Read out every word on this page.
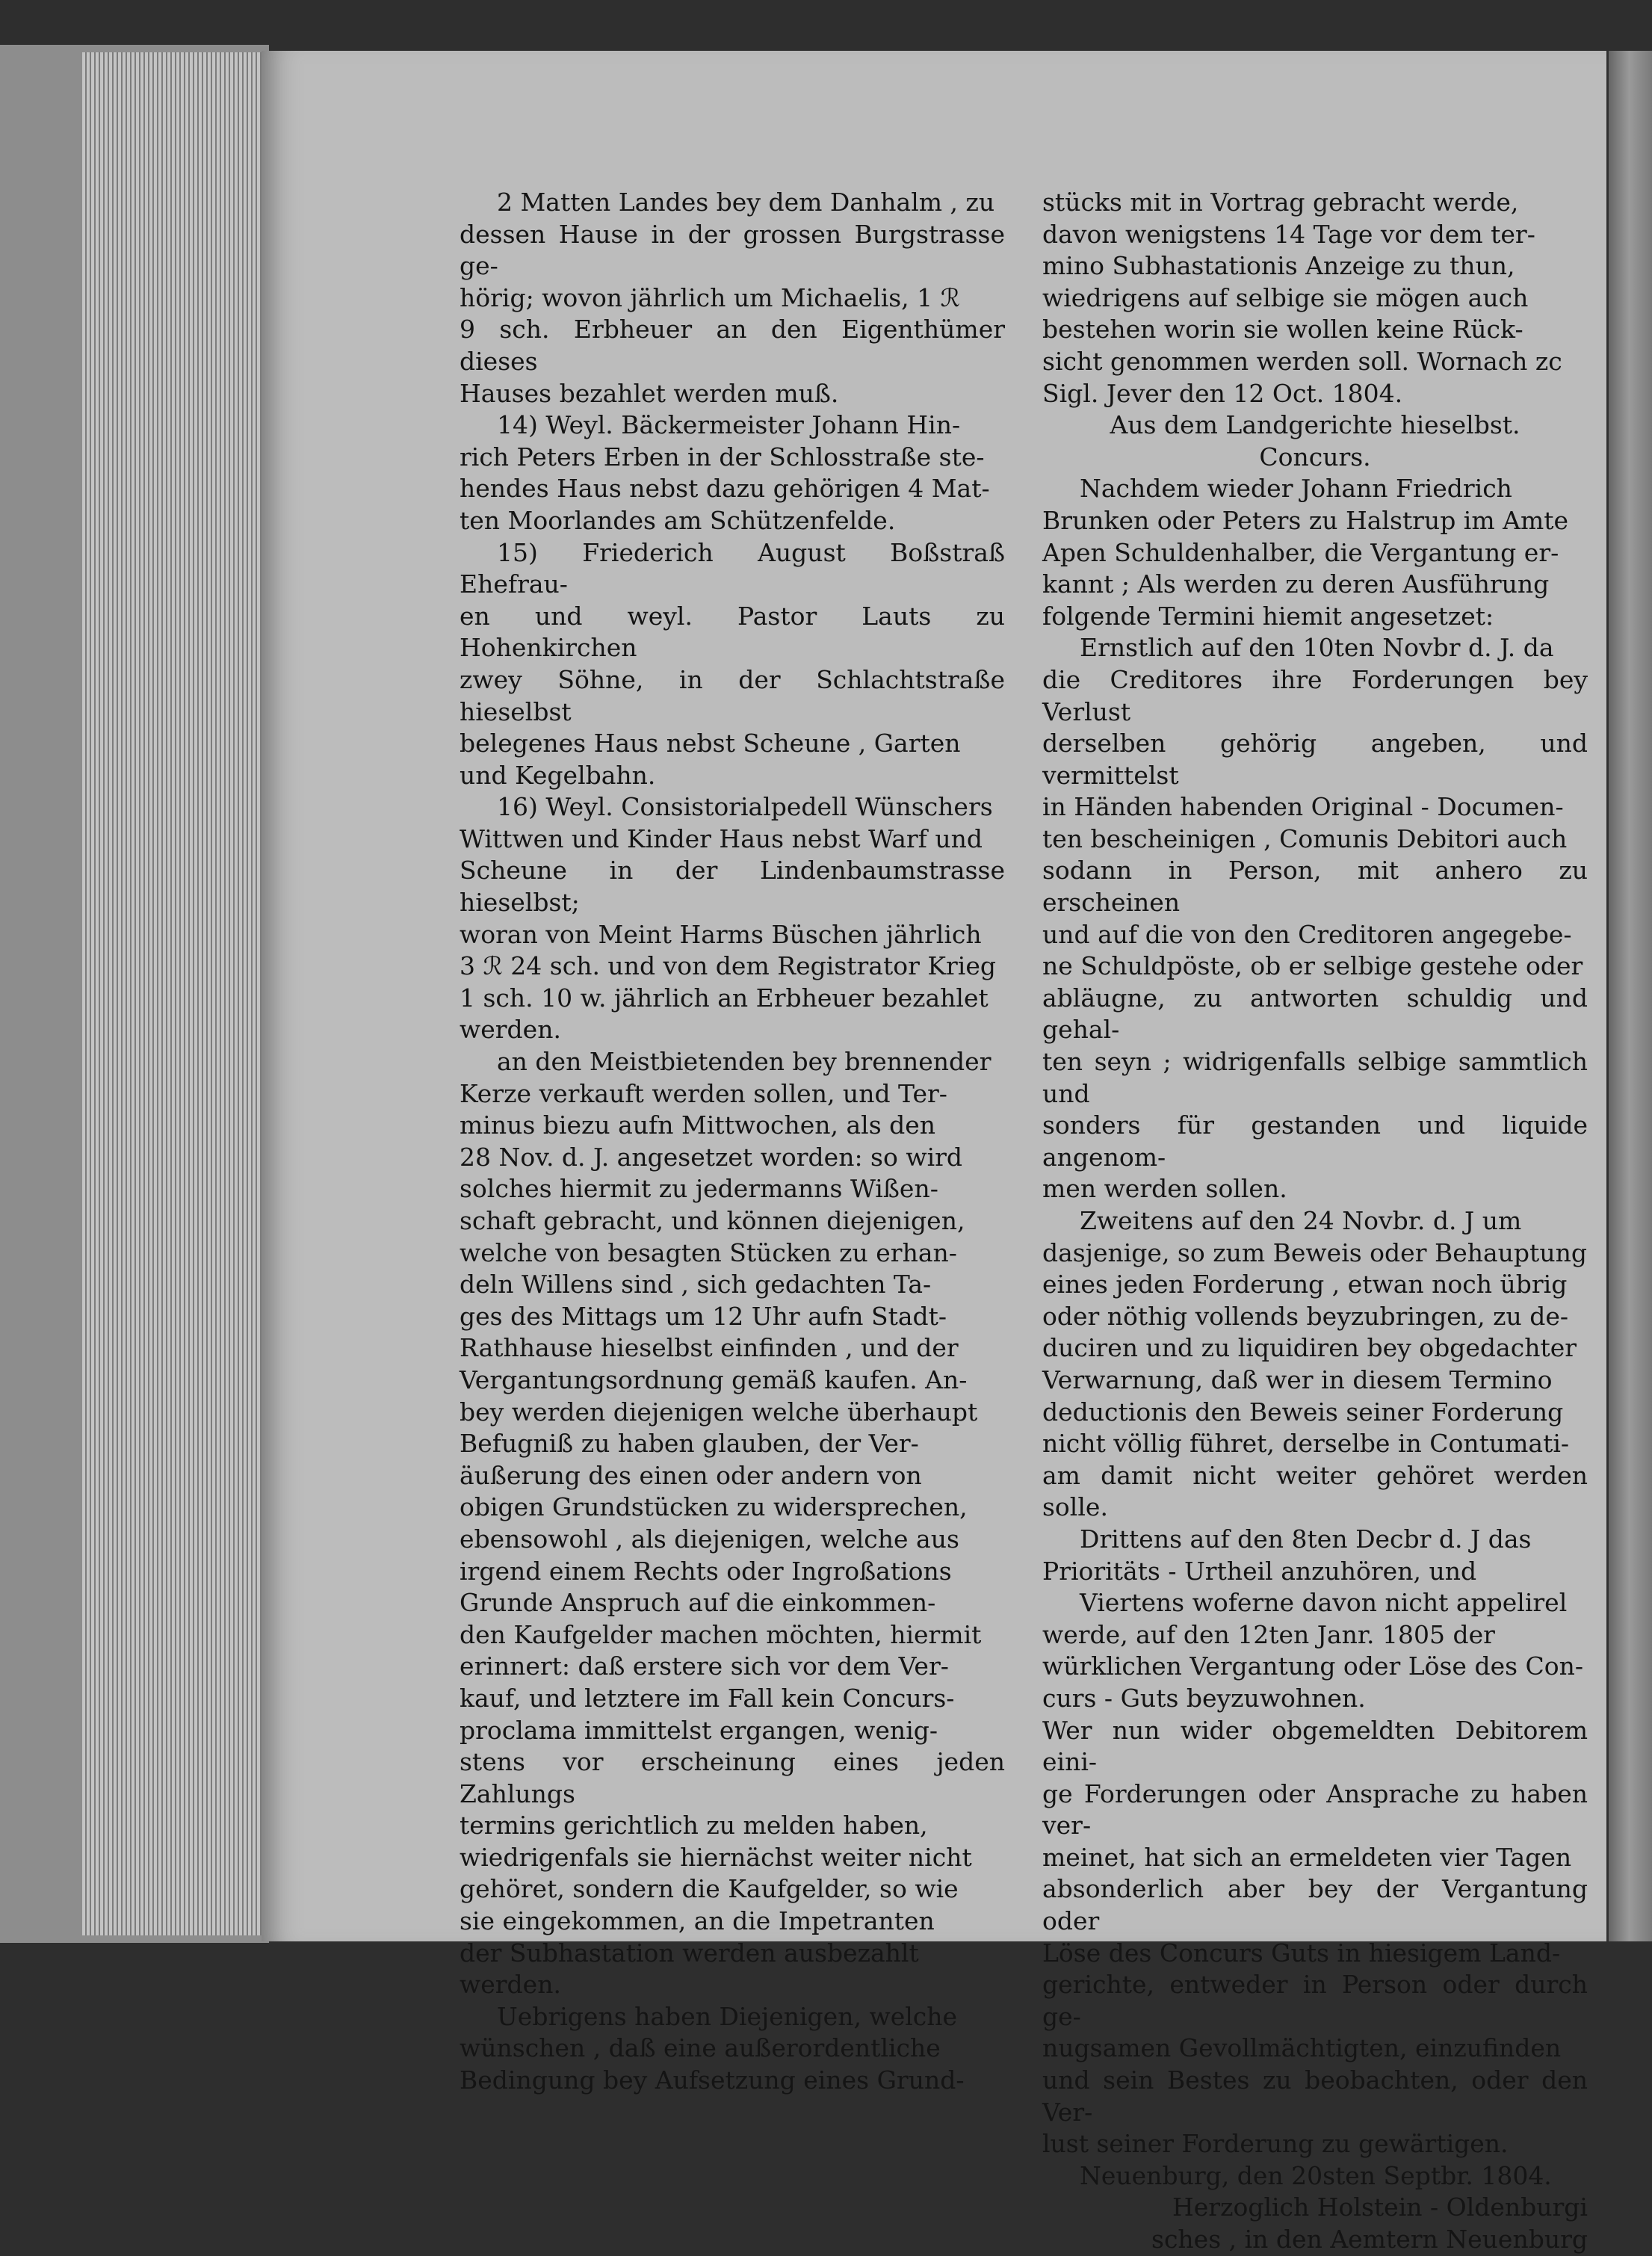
2 Matten Landes bey dem Danhalm , zu
dessen Hause in der grossen Burgstrasse ge-
hörig; wovon jährlich um Michaelis, 1 ℛ
9 sch. Erbheuer an den Eigenthümer dieses
Hauses bezahlet werden muß.

14) Weyl. Bäckermeister Johann Hin-
rich Peters Erben in der Schlosstraße ste-
hendes Haus nebst dazu gehörigen 4 Mat-
ten Moorlandes am Schützenfelde.

15) Friederich August Boßstraß Ehefrau-
en und weyl. Pastor Lauts zu Hohenkirchen
zwey Söhne, in der Schlachtstraße hieselbst
belegenes Haus nebst Scheune , Garten
und Kegelbahn.

16) Weyl. Consistorialpedell Wünschers
Wittwen und Kinder Haus nebst Warf und
Scheune in der Lindenbaumstrasse hieselbst;
woran von Meint Harms Büschen jährlich
3 ℛ 24 sch. und von dem Registrator Krieg
1 sch. 10 w. jährlich an Erbheuer bezahlet
werden.

an den Meistbietenden bey brennender
Kerze verkauft werden sollen, und Ter-
minus biezu aufn Mittwochen, als den
28 Nov. d. J. angesetzet worden: so wird
solches hiermit zu jedermanns Wißen-
schaft gebracht, und können diejenigen,
welche von besagten Stücken zu erhan-
deln Willens sind , sich gedachten Ta-
ges des Mittags um 12 Uhr aufn Stadt-
Rathhause hieselbst einfinden , und der
Vergantungsordnung gemäß kaufen. An-
bey werden diejenigen welche überhaupt
Befugniß zu haben glauben, der Ver-
äußerung des einen oder andern von
obigen Grundstücken zu widersprechen,
ebensowohl , als diejenigen, welche aus
irgend einem Rechts oder Ingroßations
Grunde Anspruch auf die einkommen-
den Kaufgelder machen möchten, hiermit
erinnert: daß erstere sich vor dem Ver-
kauf, und letztere im Fall kein Concurs-
proclama immittelst ergangen, wenig-
stens vor erscheinung eines jeden Zahlungs
termins gerichtlich zu melden haben,
wiedrigenfals sie hiernächst weiter nicht
gehöret, sondern die Kaufgelder, so wie
sie eingekommen, an die Impetranten
der Subhastation werden ausbezahlt
werden.

Uebrigens haben Diejenigen, welche
wünschen , daß eine außerordentliche
Bedingung bey Aufsetzung eines Grund-

stücks mit in Vortrag gebracht werde,
davon wenigstens 14 Tage vor dem ter-
mino Subhastationis Anzeige zu thun,
wiedrigens auf selbige sie mögen auch
bestehen worin sie wollen keine Rück-
sicht genommen werden soll. Wornach zc
Sigl. Jever den 12 Oct. 1804.

Aus dem Landgerichte hieselbst.

Concurs.

Nachdem wieder Johann Friedrich
Brunken oder Peters zu Halstrup im Amte
Apen Schuldenhalber, die Vergantung er-
kannt ; Als werden zu deren Ausführung
folgende Termini hiemit angesetzet:

Ernstlich auf den 10ten Novbr d. J. da
die Creditores ihre Forderungen bey Verlust
derselben gehörig angeben, und vermittelst
in Händen habenden Original - Documen-
ten bescheinigen , Comunis Debitori auch
sodann in Person, mit anhero zu erscheinen
und auf die von den Creditoren angegebe-
ne Schuldpöste, ob er selbige gestehe oder
abläugne, zu antworten schuldig und gehal-
ten seyn ; widrigenfalls selbige sammtlich und
sonders für gestanden und liquide angenom-
men werden sollen.

Zweitens auf den 24 Novbr. d. J um
dasjenige, so zum Beweis oder Behauptung
eines jeden Forderung , etwan noch übrig
oder nöthig vollends beyzubringen, zu de-
duciren und zu liquidiren bey obgedachter
Verwarnung, daß wer in diesem Termino
deductionis den Beweis seiner Forderung
nicht völlig führet, derselbe in Contumati-
am damit nicht weiter gehöret werden solle.

Drittens auf den 8ten Decbr d. J das
Prioritäts - Urtheil anzuhören, und

Viertens woferne davon nicht appelirel
werde, auf den 12ten Janr. 1805 der
würklichen Vergantung oder Löse des Con-
curs - Guts beyzuwohnen.

Wer nun wider obgemeldten Debitorem eini-
ge Forderungen oder Ansprache zu haben ver-
meinet, hat sich an ermeldeten vier Tagen
absonderlich aber bey der Vergantung oder
Löse des Concurs Guts in hiesigem Land-
gerichte, entweder in Person oder durch ge-
nugsamen Gevollmächtigten, einzufinden
und sein Bestes zu beobachten, oder den Ver-
lust seiner Forderung zu gewärtigen.

Neuenburg, den 20sten Septbr. 1804.

Herzoglich Holstein - Oldenburgi
sches , in den Aemtern Neuenburg
